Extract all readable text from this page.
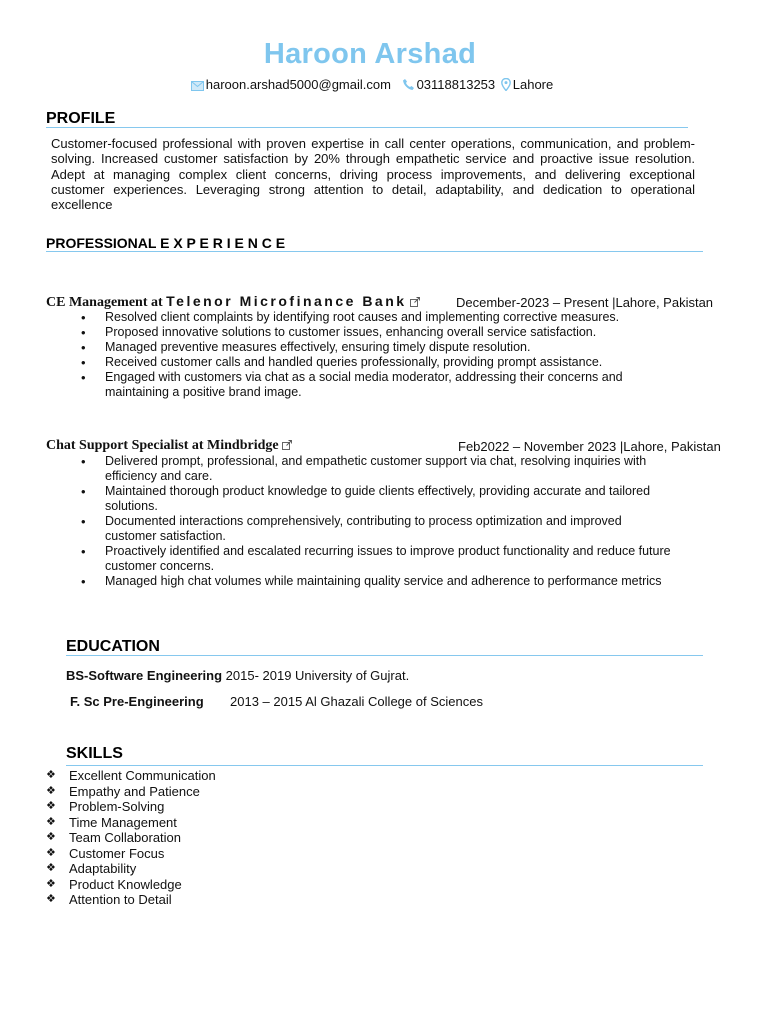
Haroon Arshad
haroon.arshad5000@gmail.com 03118813253 Lahore
PROFILE
Customer-focused professional with proven expertise in call center operations, communication, and problem-solving. Increased customer satisfaction by 20% through empathetic service and proactive issue resolution. Adept at managing complex client concerns, driving process improvements, and delivering exceptional customer experiences. Leveraging strong attention to detail, adaptability, and dedication to operational excellence
PROFESSIONAL E X P E R I E N C E
CE Management at Telenor Microfinance Bank	December-2023 – Present |Lahore, Pakistan
• Resolved client complaints by identifying root causes and implementing corrective measures.
• Proposed innovative solutions to customer issues, enhancing overall service satisfaction.
• Managed preventive measures effectively, ensuring timely dispute resolution.
• Received customer calls and handled queries professionally, providing prompt assistance.
• Engaged with customers via chat as a social media moderator, addressing their concerns and maintaining a positive brand image.
Chat Support Specialist at Mindbridge	Feb2022 – November 2023 |Lahore, Pakistan
• Delivered prompt, professional, and empathetic customer support via chat, resolving inquiries with efficiency and care.
• Maintained thorough product knowledge to guide clients effectively, providing accurate and tailored solutions.
• Documented interactions comprehensively, contributing to process optimization and improved customer satisfaction.
• Proactively identified and escalated recurring issues to improve product functionality and reduce future customer concerns.
• Managed high chat volumes while maintaining quality service and adherence to performance metrics
EDUCATION
BS-Software Engineering 2015- 2019 University of Gujrat.
F. Sc Pre-Engineering 2013 – 2015 Al Ghazali College of Sciences
SKILLS
❖ Excellent Communication
❖ Empathy and Patience
❖ Problem-Solving
❖ Time Management
❖ Team Collaboration
❖ Customer Focus
❖ Adaptability
❖ Product Knowledge
❖ Attention to Detail
